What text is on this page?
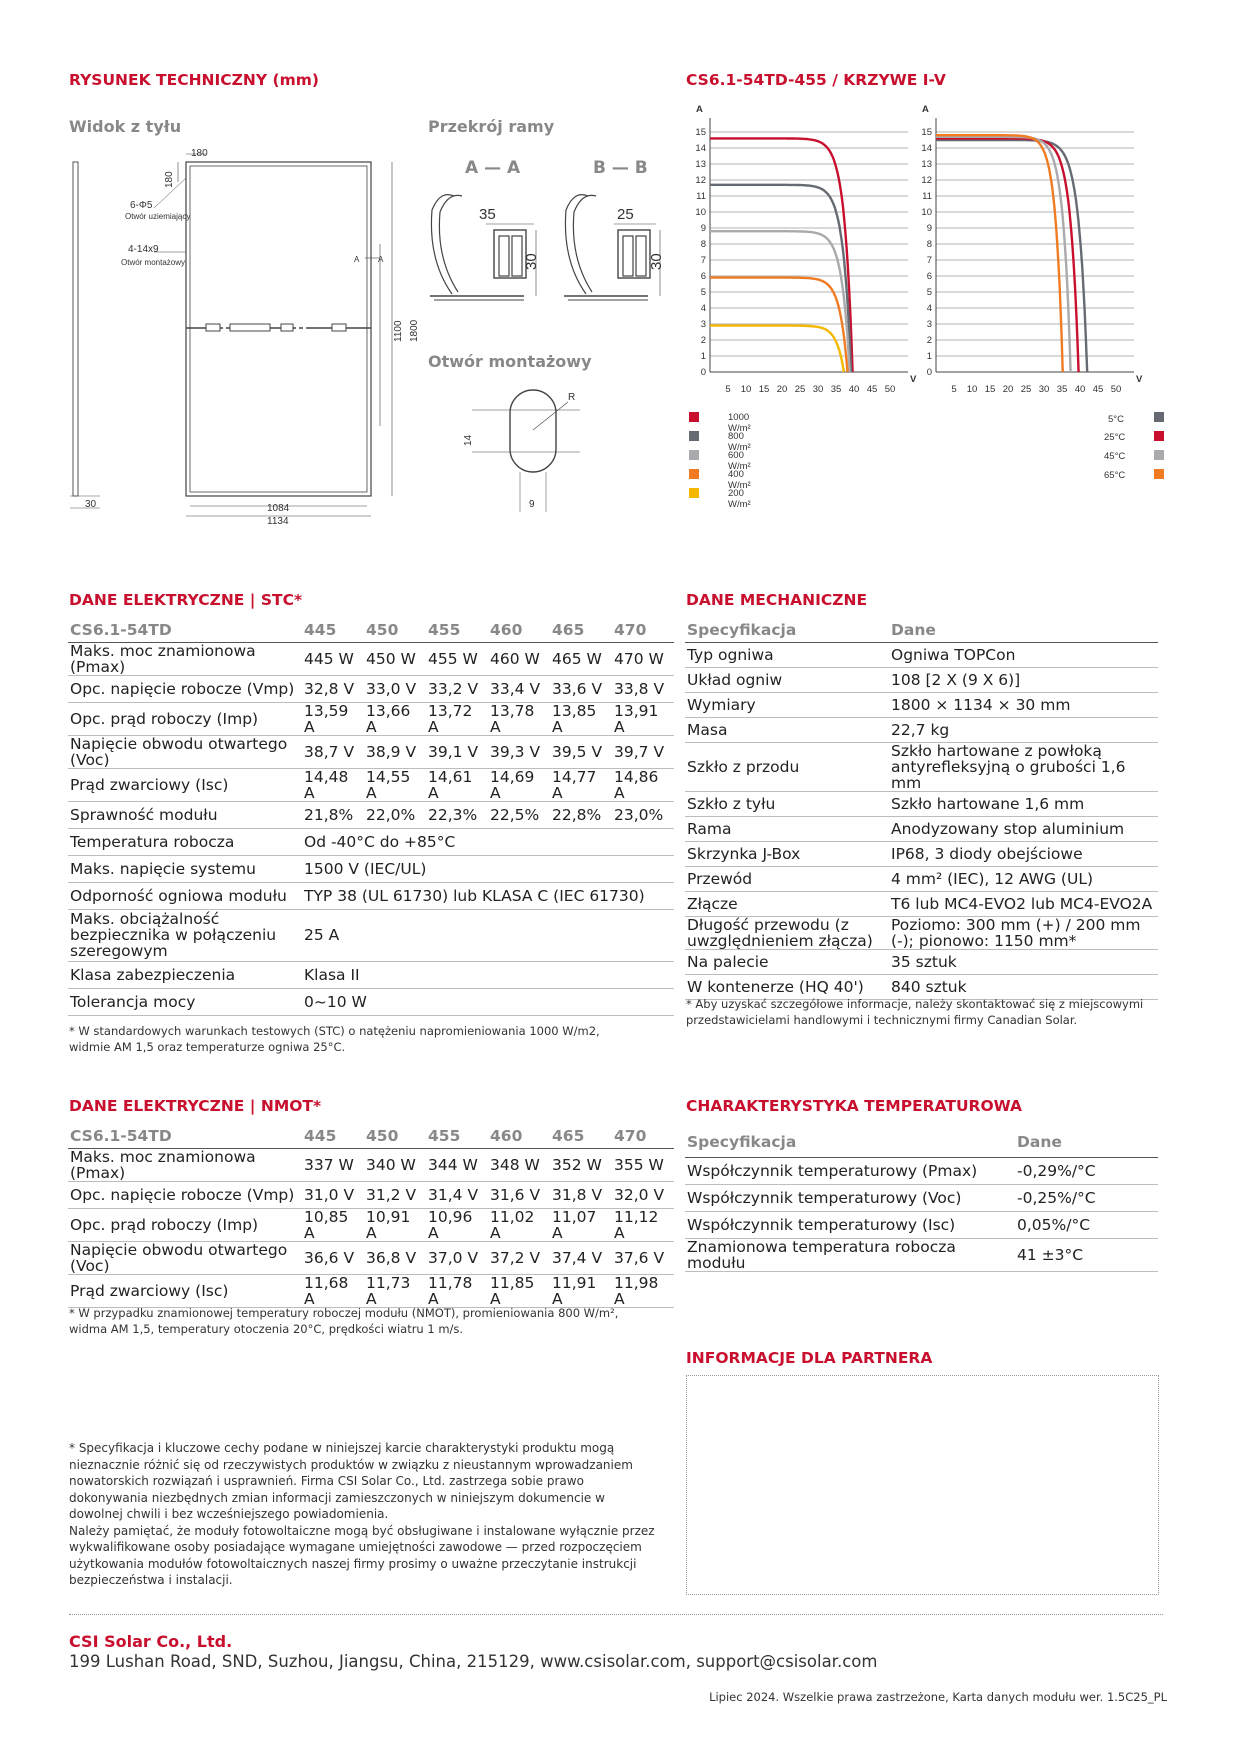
RYSUNEK TECHNICZNY (mm)
Widok z tyłu	Przekrój ramy
Otwór montażowy
A — A	B — B
30
180
180
6-Φ5
Otwór uziemiający
4-14x9
Otwór montażowy	A A
1100 1800
1084
1134
35
30
25
30
14
9
R
CS6.1-54TD-455 / KRZYWE I-V
0
1
2
3
4
5
6
7
8
9
10
11
12
13
14
15
5 10 15 20 25 30 35 40 45 50
A
V
0
1
2
3
4
5
6
7
8
9
10
11
12
13
14
15
5 10 15 20 25 30 35 40 45 50
A
V
1000 W/m²
800 W/m²
600 W/m²
400 W/m²
200 W/m²
5°C
25°C
45°C
65°C
DANE ELEKTRYCZNE | STC*
CS6.1-54TD	445	450	455	460	465	470
Maks. moc znamionowa (Pmax)	445 W	450 W	455 W	460 W	465 W	470 W
Opc. napięcie robocze (Vmp)	32,8 V	33,0 V	33,2 V	33,4 V	33,6 V	33,8 V
Opc. prąd roboczy (Imp)	13,59 A	13,66 A	13,72 A	13,78 A	13,85 A	13,91 A
Napięcie obwodu otwartego (Voc)	38,7 V	38,9 V	39,1 V	39,3 V	39,5 V	39,7 V
Prąd zwarciowy (Isc)	14,48 A	14,55 A	14,61 A	14,69 A	14,77 A	14,86 A
Sprawność modułu	21,8%	22,0%	22,3%	22,5%	22,8%	23,0%
Temperatura robocza	Od -40°C do +85°C					
Maks. napięcie systemu	1500 V (IEC/UL)					
Odporność ogniowa modułu	TYP 38 (UL 61730) lub KLASA C (IEC 61730)					
Maks. obciążalność bezpiecznika w połączeniu szeregowym	25 A					
Klasa zabezpieczenia	Klasa II					
Tolerancja mocy	0~10 W					
* W standardowych warunkach testowych (STC) o natężeniu napromieniowania 1000 W/m2, widmie AM 1,5 oraz temperaturze ogniwa 25°C.
DANE ELEKTRYCZNE | NMOT*
CS6.1-54TD	445	450	455	460	465	470
Maks. moc znamionowa (Pmax)	337 W	340 W	344 W	348 W	352 W	355 W
Opc. napięcie robocze (Vmp)	31,0 V	31,2 V	31,4 V	31,6 V	31,8 V	32,0 V
Opc. prąd roboczy (Imp)	10,85 A	10,91 A	10,96 A	11,02 A	11,07 A	11,12 A
Napięcie obwodu otwartego (Voc)	36,6 V	36,8 V	37,0 V	37,2 V	37,4 V	37,6 V
Prąd zwarciowy (Isc)	11,68 A	11,73 A	11,78 A	11,85 A	11,91 A	11,98 A
* W przypadku znamionowej temperatury roboczej modułu (NMOT), promieniowania 800 W/m², widma AM 1,5, temperatury otoczenia 20°C, prędkości wiatru 1 m/s.
DANE MECHANICZNE
Specyfikacja	Dane
Typ ogniwa	Ogniwa TOPCon
Układ ogniw	108 [2 X (9 X 6)]
Wymiary	1800 × 1134 × 30 mm
Masa	22,7 kg
Szkło z przodu	Szkło hartowane z powłoką antyrefleksyjną o grubości 1,6 mm
Szkło z tyłu	Szkło hartowane 1,6 mm
Rama	Anodyzowany stop aluminium
Skrzynka J-Box	IP68, 3 diody obejściowe
Przewód	4 mm² (IEC), 12 AWG (UL)
Złącze	T6 lub MC4-EVO2 lub MC4-EVO2A
Długość przewodu (z uwzględnieniem złącza)	Poziomo: 300 mm (+) / 200 mm (-); pionowo: 1150 mm*
Na palecie	35 sztuk
W kontenerze (HQ 40')	840 sztuk
* Aby uzyskać szczegółowe informacje, należy skontaktować się z miejscowymi przedstawicielami handlowymi i technicznymi firmy Canadian Solar.
CHARAKTERYSTYKA TEMPERATUROWA
Specyfikacja	Dane
Współczynnik temperaturowy (Pmax)	-0,29%/°C
Współczynnik temperaturowy (Voc)	-0,25%/°C
Współczynnik temperaturowy (Isc)	0,05%/°C
Znamionowa temperatura robocza modułu	41 ±3°C
INFORMACJE DLA PARTNERA
* Specyfikacja i kluczowe cechy podane w niniejszej karcie charakterystyki produktu mogą nieznacznie różnić się od rzeczywistych produktów w związku z nieustannym wprowadzaniem nowatorskich rozwiązań i usprawnień. Firma CSI Solar Co., Ltd. zastrzega sobie prawo dokonywania niezbędnych zmian informacji zamieszczonych w niniejszym dokumencie w dowolnej chwili i bez wcześniejszego powiadomienia.
Należy pamiętać, że moduły fotowoltaiczne mogą być obsługiwane i instalowane wyłącznie przez wykwalifikowane osoby posiadające wymagane umiejętności zawodowe — przed rozpoczęciem użytkowania modułów fotowoltaicznych naszej firmy prosimy o uważne przeczytanie instrukcji bezpieczeństwa i instalacji.
CSI Solar Co., Ltd.
199 Lushan Road, SND, Suzhou, Jiangsu, China, 215129, www.csisolar.com, support@csisolar.com
Lipiec 2024. Wszelkie prawa zastrzeżone, Karta danych modułu wer. 1.5C25_PL
